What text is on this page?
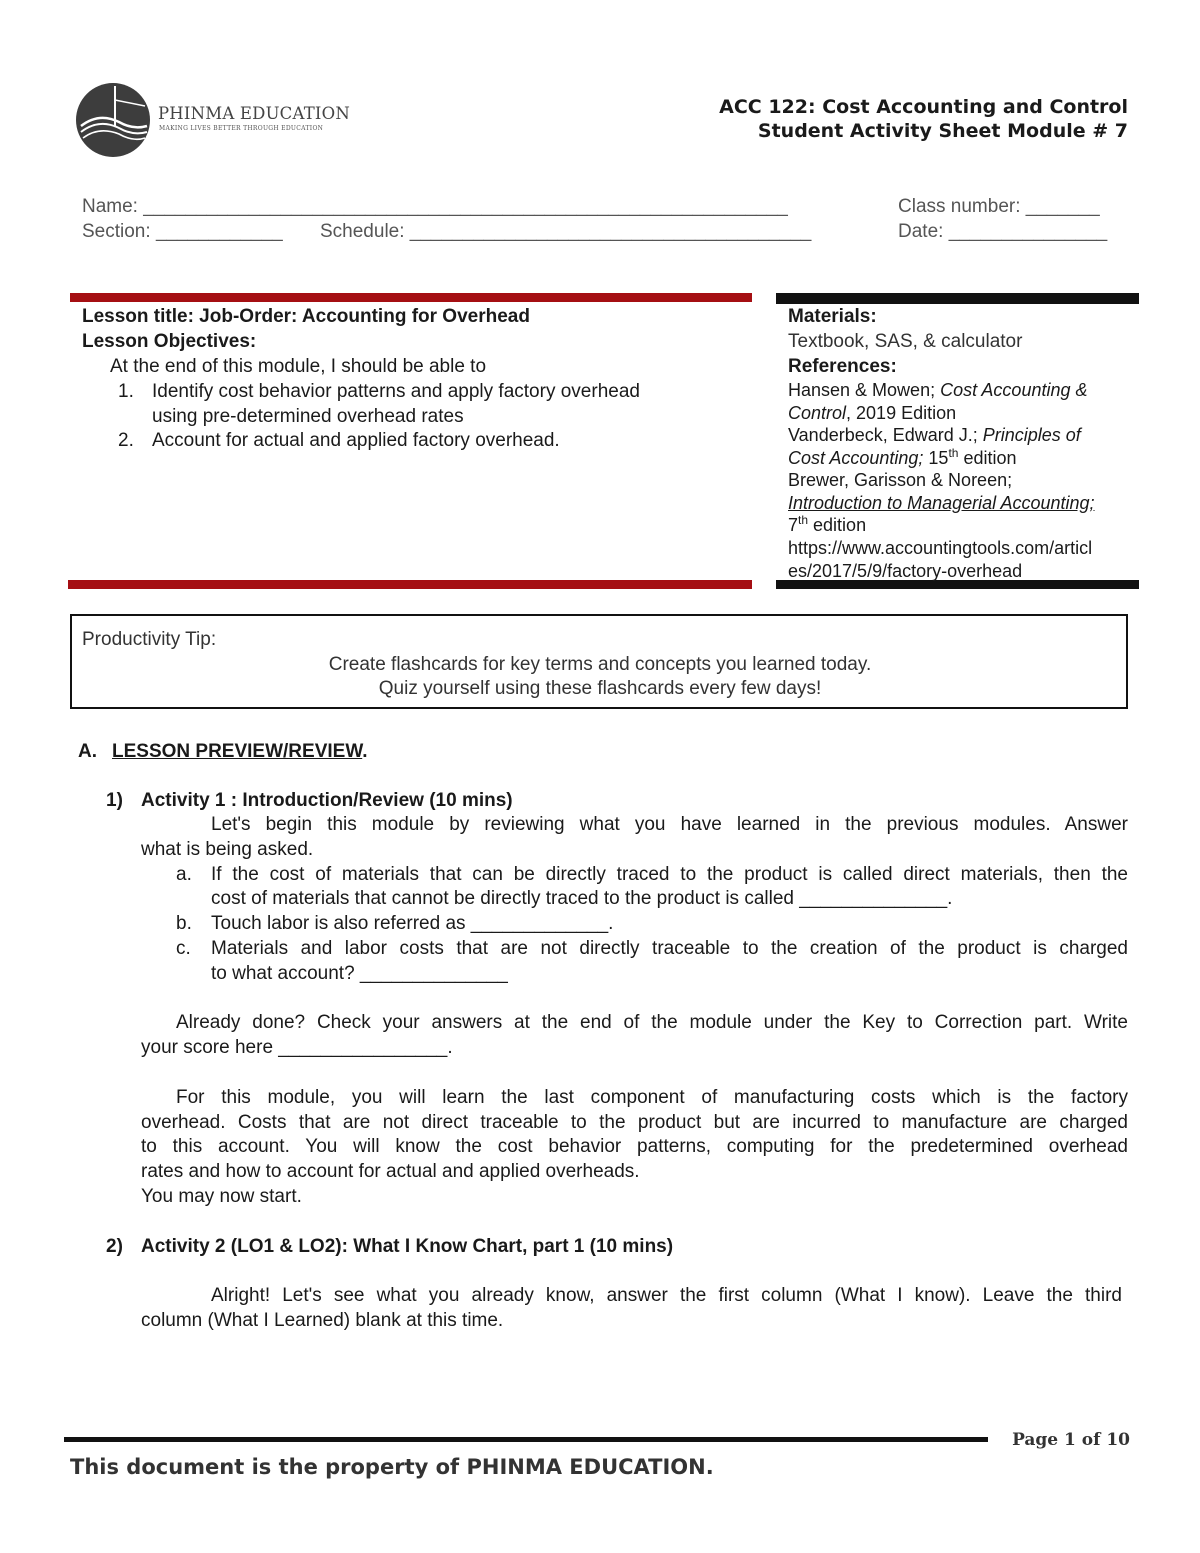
PHINMA EDUCATION
MAKING LIVES BETTER THROUGH EDUCATION
ACC 122: Cost Accounting and Control
Student Activity Sheet Module # 7
Name: _____________________________________________________________	Class number: _______
Section: ____________ Schedule: ______________________________________	Date: _______________
Lesson title: Job-Order: Accounting for Overhead
Lesson Objectives:
At the end of this module, I should be able to
1. Identify cost behavior patterns and apply factory overhead
using pre-determined overhead rates
2. Account for actual and applied factory overhead.
Materials:
Textbook, SAS, & calculator
References:
Hansen & Mowen; Cost Accounting &
Control, 2019 Edition
Vanderbeck, Edward J.; Principles of
Cost Accounting; 15th edition
Brewer, Garisson & Noreen;
Introduction to Managerial Accounting;
7th edition
https://www.accountingtools.com/articl
es/2017/5/9/factory-overhead
Productivity Tip:
Create flashcards for key terms and concepts you learned today.
Quiz yourself using these flashcards every few days!
A. LESSON PREVIEW/REVIEW.
1) Activity 1 : Introduction/Review (10 mins)
Let's begin this module by reviewing what you have learned in the previous modules. Answer
what is being asked.
a. If the cost of materials that can be directly traced to the product is called direct materials, then the
cost of materials that cannot be directly traced to the product is called ______________.
b. Touch labor is also referred as _____________.
c. Materials and labor costs that are not directly traceable to the creation of the product is charged
to what account? ______________
Already done? Check your answers at the end of the module under the Key to Correction part. Write
your score here ________________.
For this module, you will learn the last component of manufacturing costs which is the factory
overhead. Costs that are not direct traceable to the product but are incurred to manufacture are charged
to this account. You will know the cost behavior patterns, computing for the predetermined overhead
rates and how to account for actual and applied overheads.
You may now start.
2) Activity 2 (LO1 & LO2): What I Know Chart, part 1 (10 mins)
Alright! Let's see what you already know, answer the first column (What I know). Leave the third
column (What I Learned) blank at this time.
Page 1 of 10
This document is the property of PHINMA EDUCATION.
